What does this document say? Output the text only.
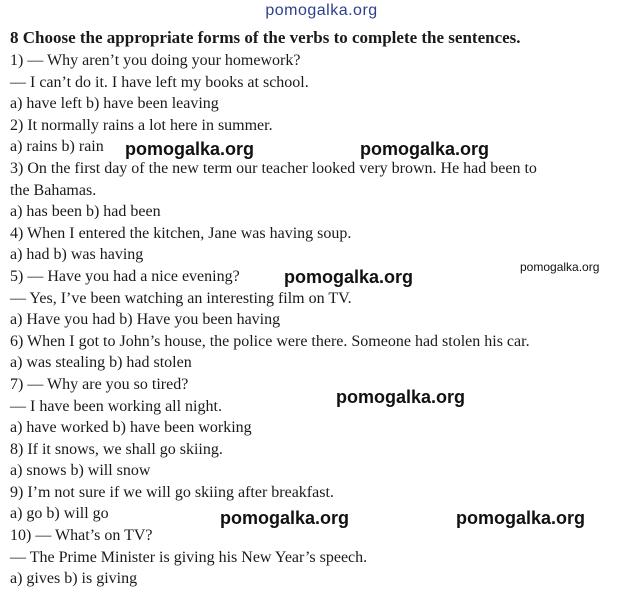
pomogalka.org
8 Choose the appropriate forms of the verbs to complete the sentences.
1) — Why aren’t you doing your homework?
— I can’t do it. I have left my books at school.
a) have left b) have been leaving
2) It normally rains a lot here in summer.
a) rains b) rain
3) On the first day of the new term our teacher looked very brown. He had been to
the Bahamas.
a) has been b) had been
4) When I entered the kitchen, Jane was having soup.
a) had b) was having
5) — Have you had a nice evening?
— Yes, I’ve been watching an interesting film on TV.
a) Have you had b) Have you been having
6) When I got to John’s house, the police were there. Someone had stolen his car.
a) was stealing b) had stolen
7) — Why are you so tired?
— I have been working all night.
a) have worked b) have been working
8) If it snows, we shall go skiing.
a) snows b) will snow
9) I’m not sure if we will go skiing after breakfast.
a) go b) will go
10) — What’s on TV?
— The Prime Minister is giving his New Year’s speech.
a) gives b) is giving
pomogalka.org	pomogalka.org
pomogalka.org	pomogalka.org
pomogalka.org
pomogalka.org	pomogalka.org
